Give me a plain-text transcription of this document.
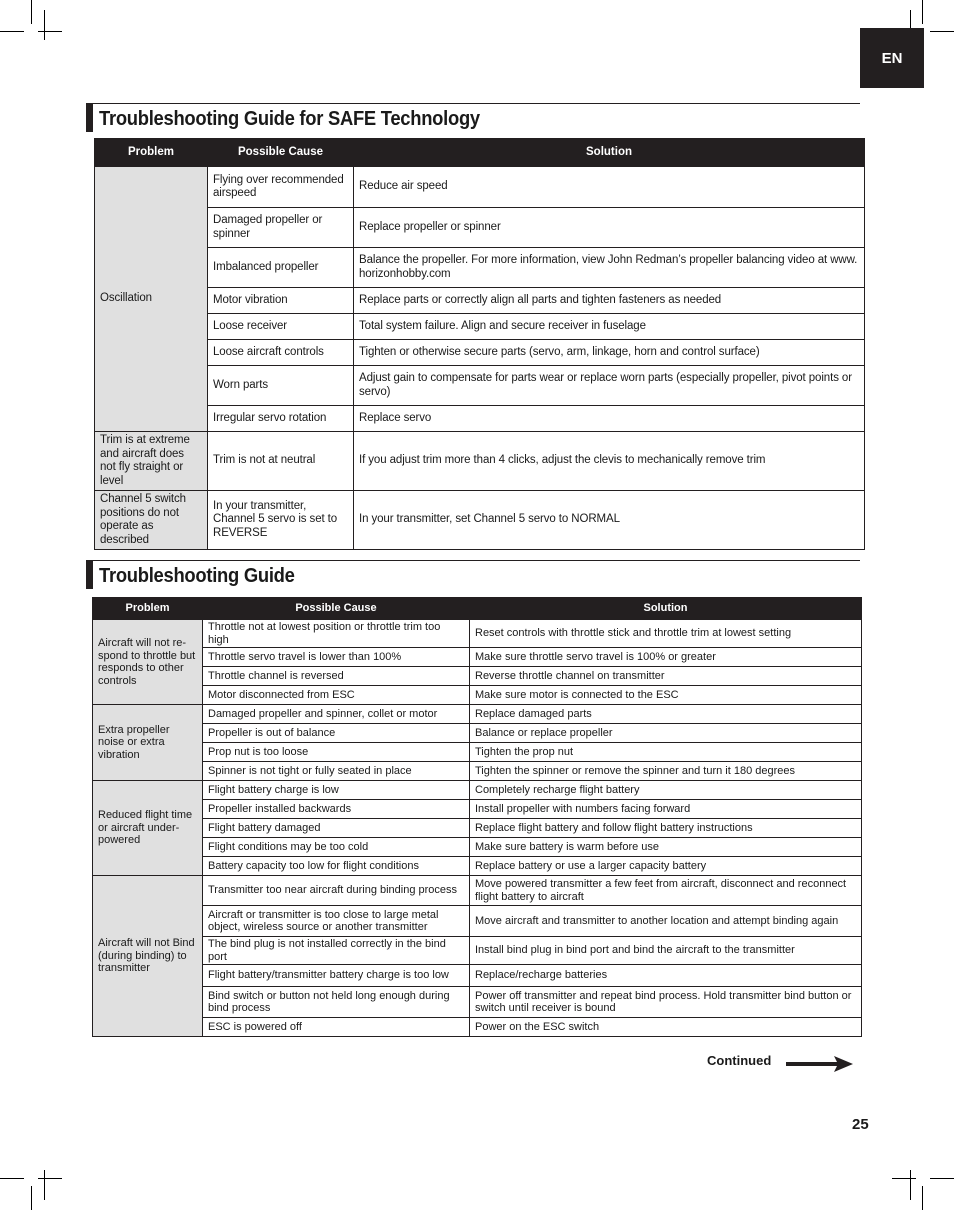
EN
Troubleshooting Guide for SAFE Technology
Problem	Possible Cause	Solution
Oscillation	Flying over recommended airspeed	Reduce air speed
	Damaged propeller or spinner	Replace propeller or spinner
	Imbalanced propeller	Balance the propeller. For more information, view John Redman’s propeller balancing video at www. horizonhobby.com
	Motor vibration	Replace parts or correctly align all parts and tighten fasteners as needed
	Loose receiver	Total system failure. Align and secure receiver in fuselage
	Loose aircraft controls	Tighten or otherwise secure parts (servo, arm, linkage, horn and control surface)
	Worn parts	Adjust gain to compensate for parts wear or replace worn parts (especially propeller, pivot points or servo)
	Irregular servo rotation	Replace servo
Trim is at extreme and aircraft does not fly straight or level	Trim is not at neutral	If you adjust trim more than 4 clicks, adjust the clevis to mechanically remove trim
Channel 5 switch positions do not operate as described	In your transmitter, Channel 5 servo is set to REVERSE	In your transmitter, set Channel 5 servo to NORMAL
Troubleshooting Guide
Problem	Possible Cause	Solution
Aircraft will not re-spond to throttle but responds to other controls	Throttle not at lowest position or throttle trim too high	Reset controls with throttle stick and throttle trim at lowest setting
	Throttle servo travel is lower than 100%	Make sure throttle servo travel is 100% or greater
	Throttle channel is reversed	Reverse throttle channel on transmitter
	Motor disconnected from ESC	Make sure motor is connected to the ESC
Extra propeller noise or extra vibration	Damaged propeller and spinner, collet or motor	Replace damaged parts
	Propeller is out of balance	Balance or replace propeller
	Prop nut is too loose	Tighten the prop nut
	Spinner is not tight or fully seated in place	Tighten the spinner or remove the spinner and turn it 180 degrees
Reduced flight time or aircraft under-powered	Flight battery charge is low	Completely recharge flight battery
	Propeller installed backwards	Install propeller with numbers facing forward
	Flight battery damaged	Replace flight battery and follow flight battery instructions
	Flight conditions may be too cold	Make sure battery is warm before use
	Battery capacity too low for flight conditions	Replace battery or use a larger capacity battery
Aircraft will not Bind (during binding) to transmitter	Transmitter too near aircraft during binding process	Move powered transmitter a few feet from aircraft, disconnect and reconnect flight battery to aircraft
	Aircraft or transmitter is too close to large metal object, wireless source or another transmitter	Move aircraft and transmitter to another location and attempt binding again
	The bind plug is not installed correctly in the bind port	Install bind plug in bind port and bind the aircraft to the transmitter
	Flight battery/transmitter battery charge is too low	Replace/recharge batteries
	Bind switch or button not held long enough during bind process	Power off transmitter and repeat bind process. Hold transmitter bind button or switch until receiver is bound
	ESC is powered off	Power on the ESC switch
Continued
25
